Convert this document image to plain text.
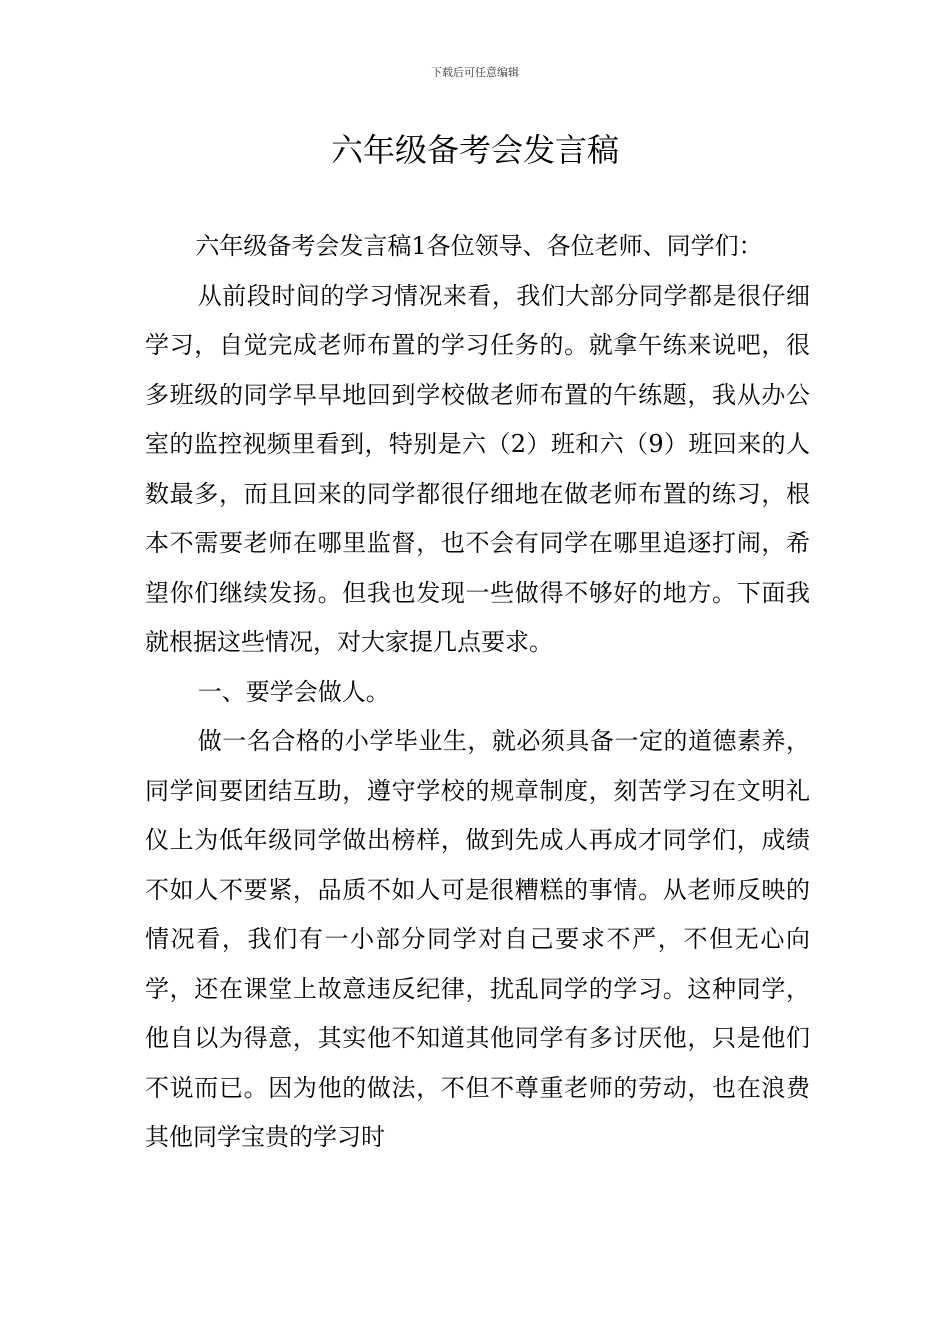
下载后可任意编辑
六年级备考会发言稿

六年级备考会发言稿1各位领导、各位老师、同学们：

从前段时间的学习情况来看，我们大部分同学都是很仔细学习，自觉完成老师布置的学习任务的。就拿午练来说吧，很多班级的同学早早地回到学校做老师布置的午练题，我从办公室的监控视频里看到，特别是六（2）班和六（9）班回来的人数最多，而且回来的同学都很仔细地在做老师布置的练习，根本不需要老师在哪里监督，也不会有同学在哪里追逐打闹，希望你们继续发扬。但我也发现一些做得不够好的地方。下面我就根据这些情况，对大家提几点要求。

一、要学会做人。

做一名合格的小学毕业生，就必须具备一定的道德素养，同学间要团结互助，遵守学校的规章制度，刻苦学习在文明礼仪上为低年级同学做出榜样，做到先成人再成才同学们，成绩不如人不要紧，品质不如人可是很糟糕的事情。从老师反映的情况看，我们有一小部分同学对自己要求不严，不但无心向学，还在课堂上故意违反纪律，扰乱同学的学习。这种同学，他自以为得意，其实他不知道其他同学有多讨厌他，只是他们不说而已。因为他的做法，不但不尊重老师的劳动，也在浪费其他同学宝贵的学习时
